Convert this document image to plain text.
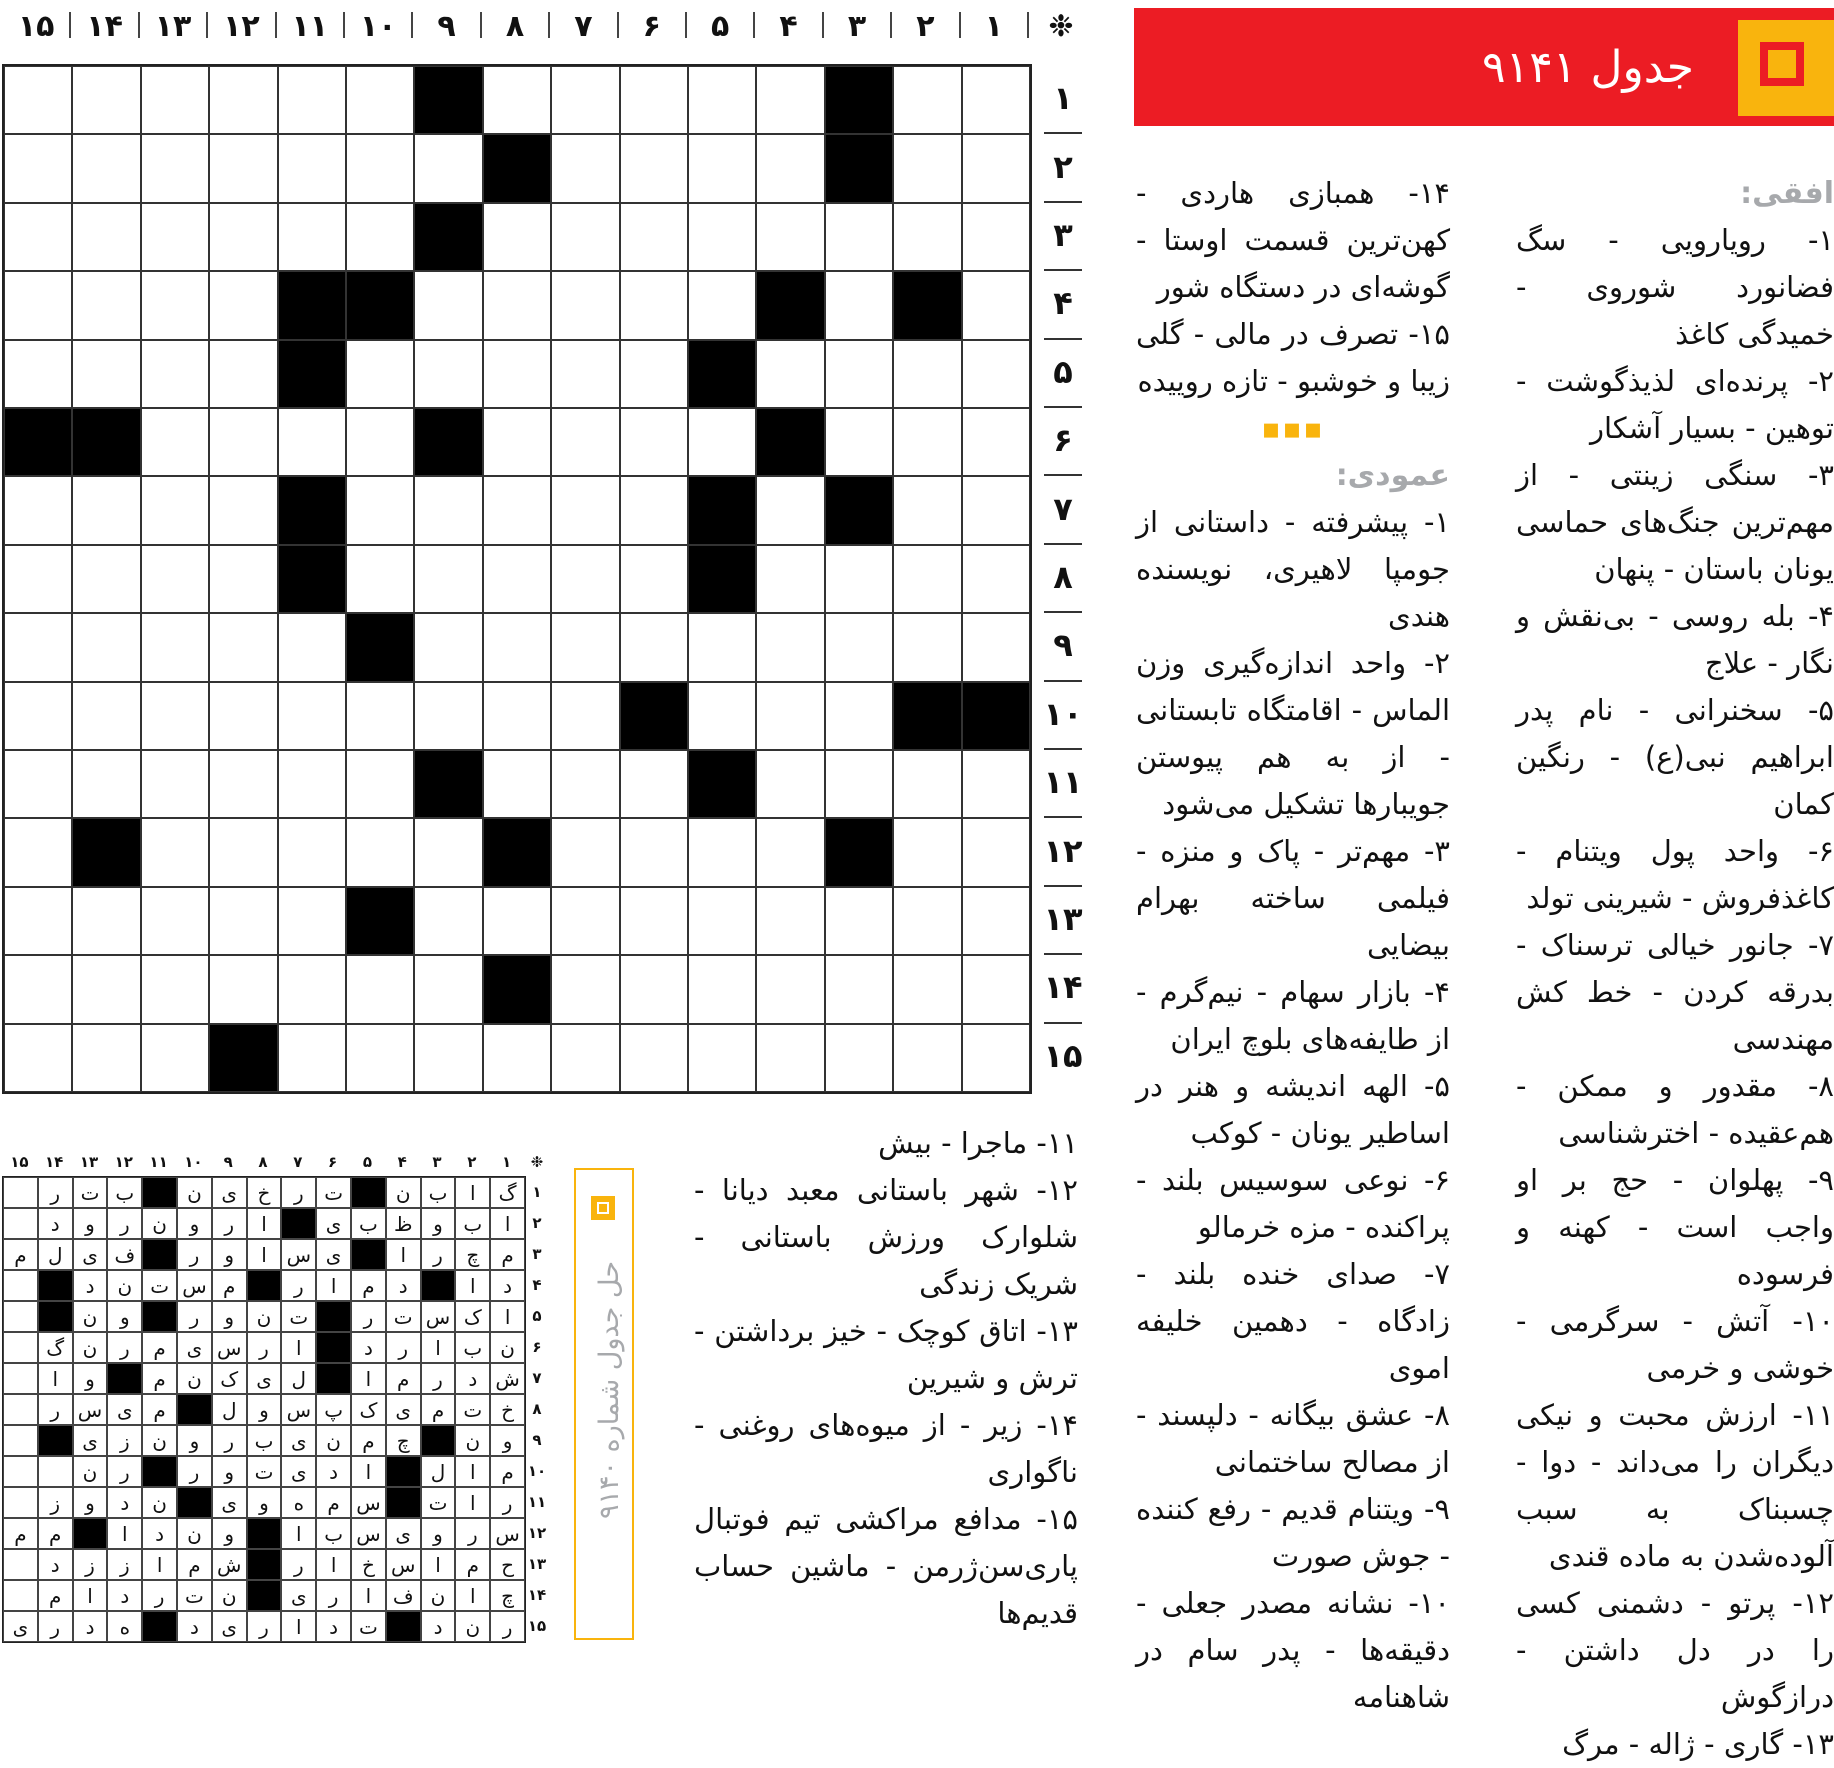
❉
۱
۲
۳
۴
۵
۶
۷
۸
۹
۱۰
۱۱
۱۲
۱۳
۱۴
۱۵
۱
۲
۳
۴
۵
۶
۷
۸
۹
۱۰
۱۱
۱۲
۱۳
۱۴
۱۵
جدول ۹۱۴۱
افقی:
۱- رویارویی - سگ فضانورد شوروی - خمیدگی کاغذ
۲- پرنده‌ای لذیذگوشت - توهین - بسیار آشکار
۳- سنگی زینتی - از مهم‌ترین جنگ‌های حماسی یونان باستان - پنهان
۴- بله روسی - بی‌نقش و نگار - علاج
۵- سخنرانی - نام پدر ابراهیم نبی(ع) - رنگین کمان
۶- واحد پول ویتنام - کاغذفروش - شیرینی تولد
۷- جانور خیالی ترسناک - بدرقه کردن - خط کش مهندسی
۸- مقدور و ممکن - هم‌عقیده - اخترشناسی
۹- پهلوان - حج بر او واجب است - کهنه و فرسوده
۱۰- آتش - سرگرمی - خوشی و خرمی
۱۱- ارزش محبت و نیکی دیگران را می‌داند - دوا - چسبناک به سبب آلوده‌شدن به ماده قندی
۱۲- پرتو - دشمنی کسی را در دل داشتن - درازگوش
۱۳- گاری - ژاله - مرگ
۱۴- همبازی هاردی - کهن‌ترین قسمت اوستا - گوشه‌ای در دستگاه شور
۱۵- تصرف در مالی - گلی زیبا و خوشبو - تازه روییده
▪▪▪
عمودی:
۱- پیشرفته - داستانی از جومپا لاهیری، نویسنده هندی
۲- واحد اندازه‌گیری وزن الماس - اقامتگاه تابستانی - از به هم پیوستن جویبارها تشکیل می‌شود
۳- مهم‌تر - پاک و منزه - فیلمی ساخته بهرام بیضایی
۴- بازار سهام - نیم‌گرم - از طایفه‌های بلوچ ایران
۵- الهه اندیشه و هنر در اساطیر یونان - کوکب
۶- نوعی سوسیس بلند - پراکنده - مزه خرمالو
۷- صدای خنده بلند - زادگاه - دهمین خلیفه اموی
۸- عشق بیگانه - دلپسند - از مصالح ساختمانی
۹- ویتنام قدیم - رفع کننده - جوش صورت
۱۰- نشانه مصدر جعلی - دقیقه‌ها - پدر سام در شاهنامه
۱۱- ماجرا - بیش
۱۲- شهر باستانی معبد دیانا - شلوارک ورزش باستانی - شریک زندگی
۱۳- اتاق کوچک - خیز برداشتن - ترش و شیرین
۱۴- زیر - از میوه‌های روغنی - ناگواری
۱۵- مدافع مراکشی تیم فوتبال پاری‌سن‌ژرمن - ماشین حساب قدیم‌ها
❉
۱
۲
۳
۴
۵
۶
۷
۸
۹
۱۰
۱۱
۱۲
۱۳
۱۴
۱۵
گ
ا
ب
ن
ت
ر
خ
ی
ن
ب
ت
ر
ا
ب
و
ظ
ب
ی
ا
ر
و
ن
ر
و
د
م
چ
ر
ا
ی
س
ا
و
ر
ف
ی
ل
م
د
ا
د
م
ا
ر
م
س
ت
ن
د
ا
ک
س
ت
ر
ت
ن
و
ر
و
ن
ن
ب
ا
ر
د
ا
ر
س
ی
م
ر
ن
گ
ش
د
ر
م
ا
ل
ی
ک
ن
م
و
ا
خ
ت
م
ی
ک
پ
س
و
ل
م
ی
س
ر
و
ن
چ
م
ن
ی
ب
ر
و
ن
ز
ی
م
ا
ل
ا
د
ی
ت
و
ر
ر
ن
ر
ا
ت
س
م
ه
و
ی
ن
د
و
ز
س
ر
و
ی
س
ب
ا
و
ن
د
ا
م
م
ح
م
ا
س
خ
ا
ر
ش
م
ا
ز
ز
د
چ
ا
ن
ف
ا
ر
ی
ن
ت
ر
د
ا
م
ر
ن
د
ت
د
ا
ر
ی
د
ه
د
ر
ی
۱
۲
۳
۴
۵
۶
۷
۸
۹
۱۰
۱۱
۱۲
۱۳
۱۴
۱۵
حل جدول شماره ۹۱۴۰
